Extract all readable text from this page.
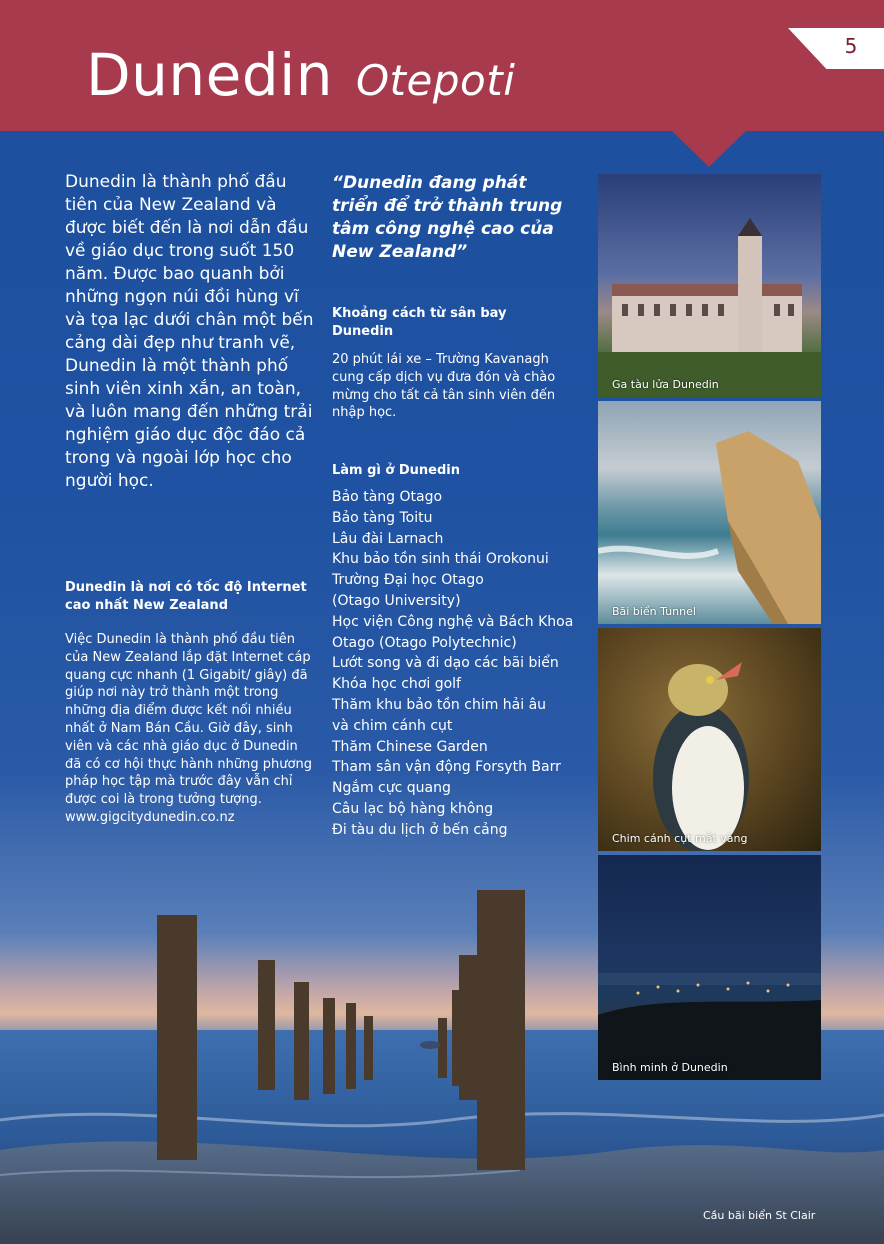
Dunedin Otepoti
5
Dunedin là thành phố đầu tiên của New Zealand và được biết đến là nơi dẫn đầu về giáo dục trong suốt 150 năm. Được bao quanh bởi những ngọn núi đồi hùng vĩ và tọa lạc dưới chân một bến cảng dài đẹp như tranh vẽ, Dunedin là một thành phố sinh viên xinh xắn, an toàn, và luôn mang đến những trải nghiệm giáo dục độc đáo cả trong và ngoài lớp học cho người học.
Dunedin là nơi có tốc độ Internet cao nhất New Zealand
Việc Dunedin là thành phố đầu tiên của New Zealand lắp đặt Internet cáp quang cực nhanh (1 Gigabit/ giây) đã giúp nơi này trở thành một trong những địa điểm được kết nối nhiều nhất ở Nam Bán Cầu. Giờ đây, sinh viên và các nhà giáo dục ở Dunedin đã có cơ hội thực hành những phương pháp học tập mà trước đây vẫn chỉ được coi là trong tưởng tượng.
www.gigcitydunedin.co.nz
“Dunedin đang phát triển để trở thành trung tâm công nghệ cao của New Zealand”
Khoảng cách từ sân bay Dunedin
20 phút lái xe – Trường Kavanagh cung cấp dịch vụ đưa đón và chào mừng cho tất cả tân sinh viên đến nhập học.
Làm gì ở Dunedin
Bảo tàng Otago
Bảo tàng Toitu
Lâu đài Larnach
Khu bảo tồn sinh thái Orokonui
Trường Đại học Otago
(Otago University)
Học viện Công nghệ và Bách Khoa
Otago (Otago Polytechnic)
Lướt song và đi dạo các bãi biển
Khóa học chơi golf
Thăm khu bảo tồn chim hải âu
và chim cánh cụt
Thăm Chinese Garden
Tham sân vận động Forsyth Barr
Ngắm cực quang
Câu lạc bộ hàng không
Đi tàu du lịch ở bến cảng
Ga tàu lửa Dunedin
Bãi biển Tunnel
Chim cánh cụt mắt vàng
Bình minh ở Dunedin
Cầu bãi biển St Clair
